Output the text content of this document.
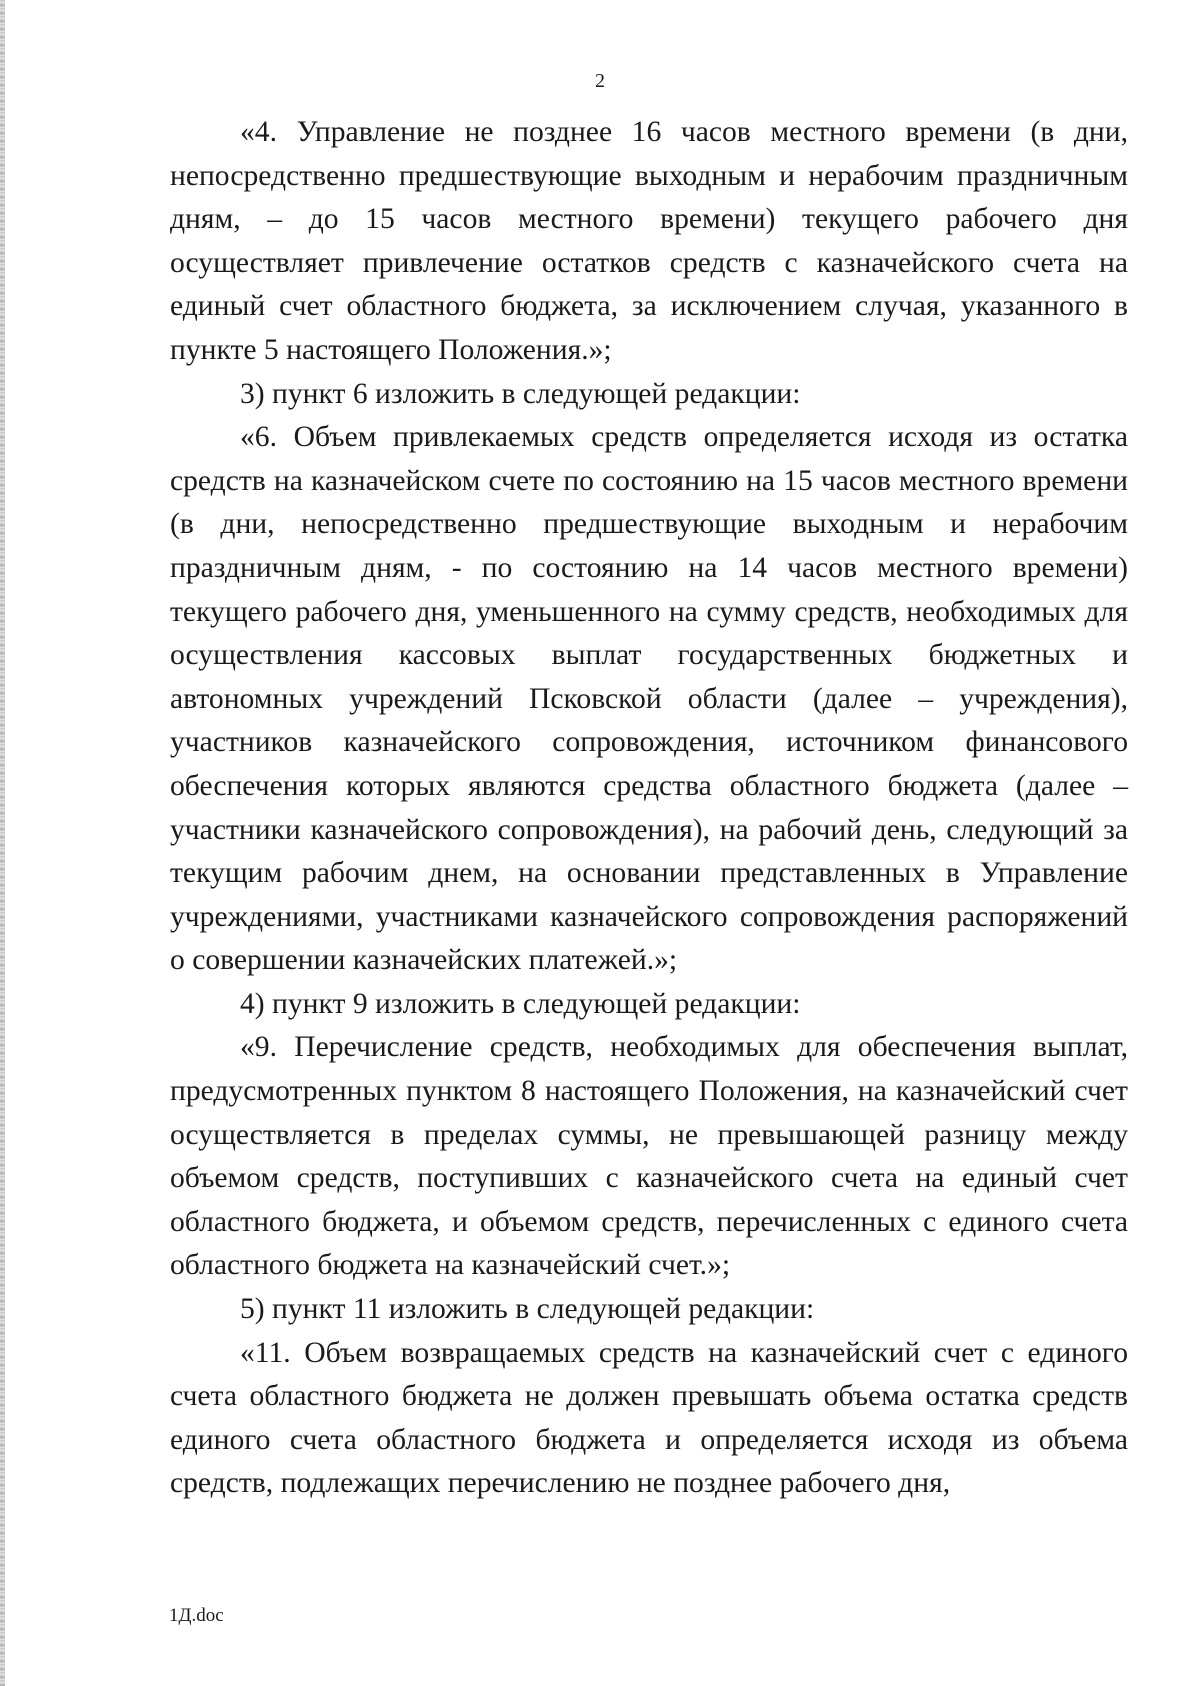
2

«4. Управление не позднее 16 часов местного времени (в дни, непосредственно предшествующие выходным и нерабочим праздничным дням, – до 15 часов местного времени) текущего рабочего дня осуществляет привлечение остатков средств с казначейского счета на единый счет областного бюджета, за исключением случая, указанного в пункте 5 настоящего Положения.»;

3) пункт 6 изложить в следующей редакции:

«6. Объем привлекаемых средств определяется исходя из остатка средств на казначейском счете по состоянию на 15 часов местного времени (в дни, непосредственно предшествующие выходным и нерабочим праздничным дням, - по состоянию на 14 часов местного времени) текущего рабочего дня, уменьшенного на сумму средств, необходимых для осуществления кассовых выплат государственных бюджетных и автономных учреждений Псковской области (далее – учреждения), участников казначейского сопровождения, источником финансового обеспечения которых являются средства областного бюджета (далее – участники казначейского сопровождения), на рабочий день, следующий за текущим рабочим днем, на основании представленных в Управление учреждениями, участниками казначейского сопровождения распоряжений о совершении казначейских платежей.»;

4) пункт 9 изложить в следующей редакции:

«9. Перечисление средств, необходимых для обеспечения выплат, предусмотренных пунктом 8 настоящего Положения, на казначейский счет осуществляется в пределах суммы, не превышающей разницу между объемом средств, поступивших с казначейского счета на единый счет областного бюджета, и объемом средств, перечисленных с единого счета областного бюджета на казначейский счет.»;

5) пункт 11 изложить в следующей редакции:

«11. Объем возвращаемых средств на казначейский счет с единого счета областного бюджета не должен превышать объема остатка средств единого счета областного бюджета и определяется исходя из объема средств, подлежащих перечислению не позднее рабочего дня,

1Д.doc
